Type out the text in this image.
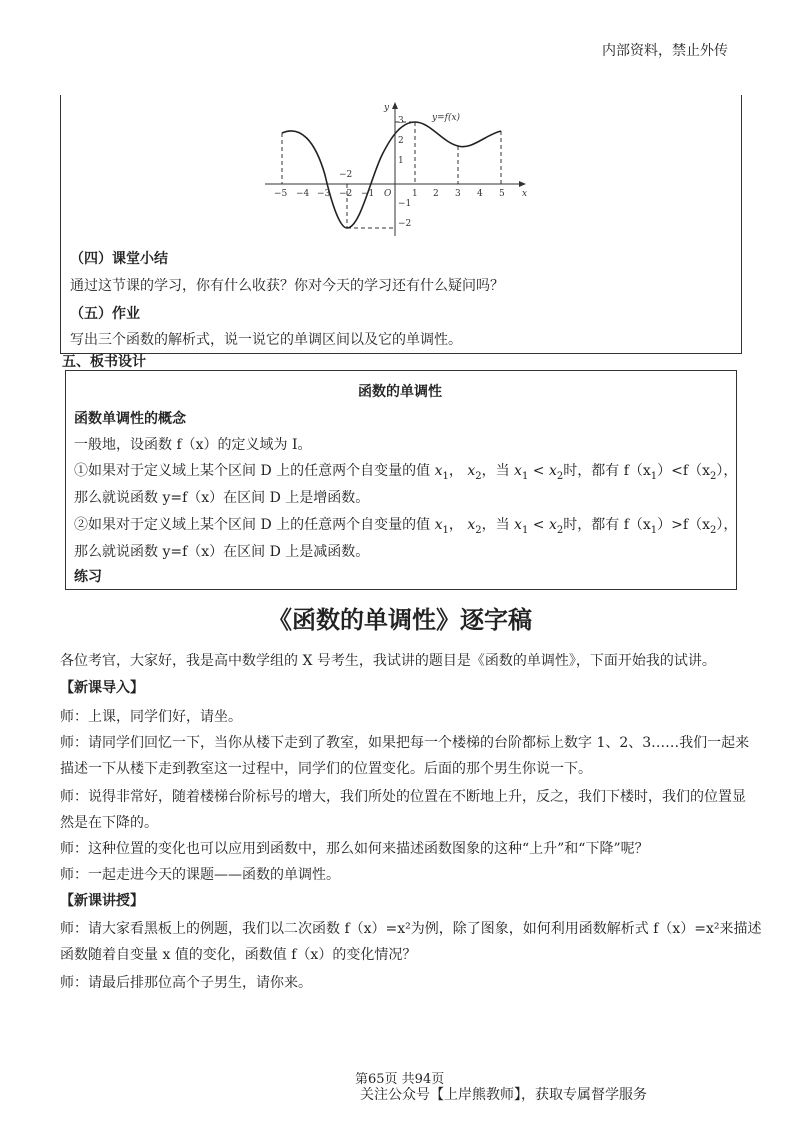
内部资料，禁止外传
y
x
O
y=f(x)
−5 −4 −3 −2 −1	1 2 3 4 5
3
2
1
−1
−2
−2
（四）课堂小结
通过这节课的学习，你有什么收获？你对今天的学习还有什么疑问吗？
（五）作业
写出三个函数的解析式，说一说它的单调区间以及它的单调性。
五、板书设计
函数的单调性
函数单调性的概念
一般地，设函数 f（x）的定义域为 I。
①如果对于定义域上某个区间 D 上的任意两个自变量的值 $x_1$， $x_2$，当 $x_1 < x_2$时，都有 $f(x_1)<f(x_2)$，
那么就说函数 y=f（x）在区间 D 上是增函数。
②如果对于定义域上某个区间 D 上的任意两个自变量的值 $x_1$， $x_2$，当 $x_1 < x_2$时，都有 $f(x_1)>f(x_2)$，
那么就说函数 y=f（x）在区间 D 上是减函数。
练习
《函数的单调性》逐字稿
各位考官，大家好，我是高中数学组的 X 号考生，我试讲的题目是《函数的单调性》，下面开始我的试讲。
【新课导入】
师：上课，同学们好，请坐。
师：请同学们回忆一下，当你从楼下走到了教室，如果把每一个楼梯的台阶都标上数字 1、2、3……我们一起来
描述一下从楼下走到教室这一过程中，同学们的位置变化。后面的那个男生你说一下。
师：说得非常好，随着楼梯台阶标号的增大，我们所处的位置在不断地上升，反之，我们下楼时，我们的位置显
然是在下降的。
师：这种位置的变化也可以应用到函数中，那么如何来描述函数图象的这种“上升”和“下降”呢？
师：一起走进今天的课题——函数的单调性。
【新课讲授】
师：请大家看黑板上的例题，我们以二次函数 f（x）=x²为例，除了图象，如何利用函数解析式 f（x）=x²来描述
函数随着自变量 x 值的变化，函数值 f（x）的变化情况？
师：请最后排那位高个子男生，请你来。
第65页 共94页
关注公众号【上岸熊教师】，获取专属督学服务
